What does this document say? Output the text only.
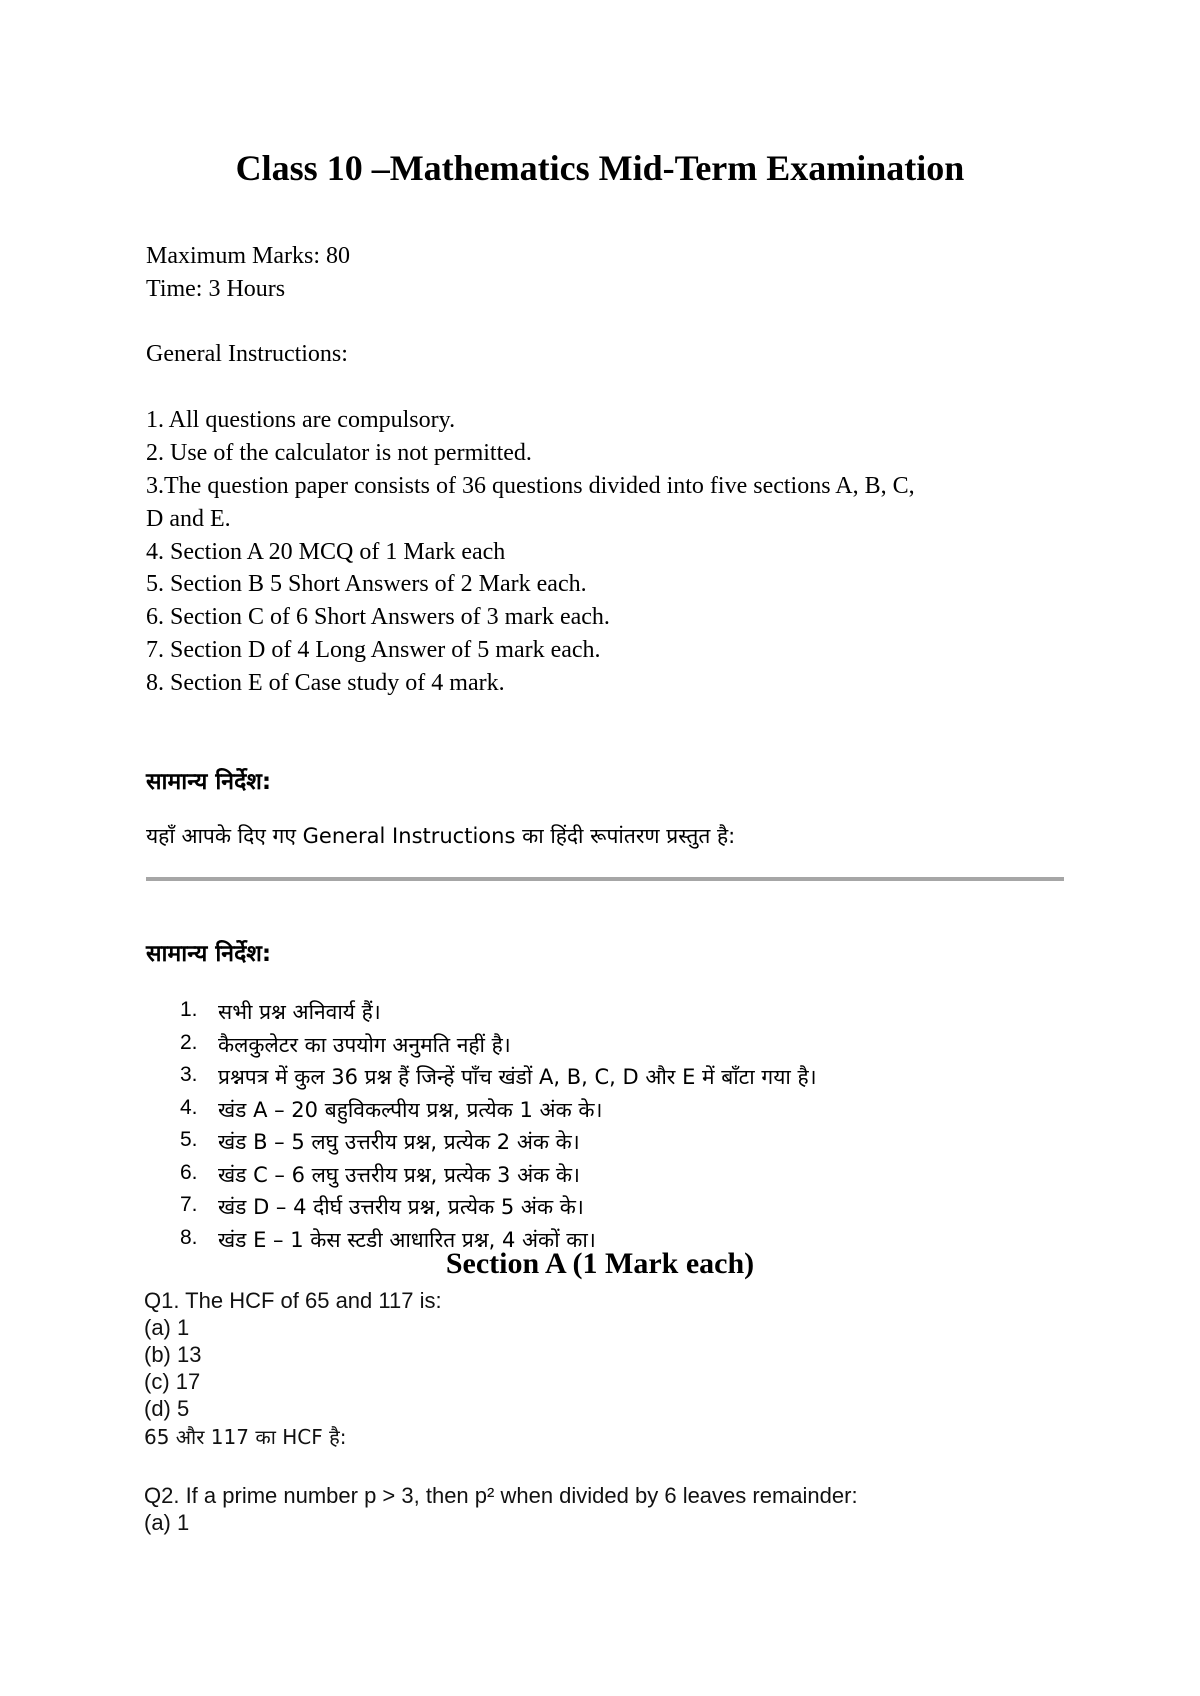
Class 10 –Mathematics Mid-Term Examination
Maximum Marks: 80
Time: 3 Hours
General Instructions:
1. All questions are compulsory.
2. Use of the calculator is not permitted.
3.The question paper consists of 36 questions divided into five sections A, B, C,
D and E.
4. Section A 20 MCQ of 1 Mark each
5. Section B 5 Short Answers of 2 Mark each.
6. Section C of 6 Short Answers of 3 mark each.
7. Section D of 4 Long Answer of 5 mark each.
8. Section E of Case study of 4 mark.
सामान्य निर्देश:
यहाँ आपके दिए गए General Instructions का हिंदी रूपांतरण प्रस्तुत है:
सामान्य निर्देश:
1. सभी प्रश्न अनिवार्य हैं।
2. कैलकुलेटर का उपयोग अनुमति नहीं है।
3. प्रश्नपत्र में कुल 36 प्रश्न हैं जिन्हें पाँच खंडों A, B, C, D और E में बाँटा गया है।
4. खंड A – 20 बहुविकल्पीय प्रश्न, प्रत्येक 1 अंक के।
5. खंड B – 5 लघु उत्तरीय प्रश्न, प्रत्येक 2 अंक के।
6. खंड C – 6 लघु उत्तरीय प्रश्न, प्रत्येक 3 अंक के।
7. खंड D – 4 दीर्घ उत्तरीय प्रश्न, प्रत्येक 5 अंक के।
8. खंड E – 1 केस स्टडी आधारित प्रश्न, 4 अंकों का।
Section A (1 Mark each)
Q1. The HCF of 65 and 117 is:
(a) 1
(b) 13
(c) 17
(d) 5
65 और 117 का HCF है:
Q2. If a prime number p > 3, then p² when divided by 6 leaves remainder:
(a) 1
